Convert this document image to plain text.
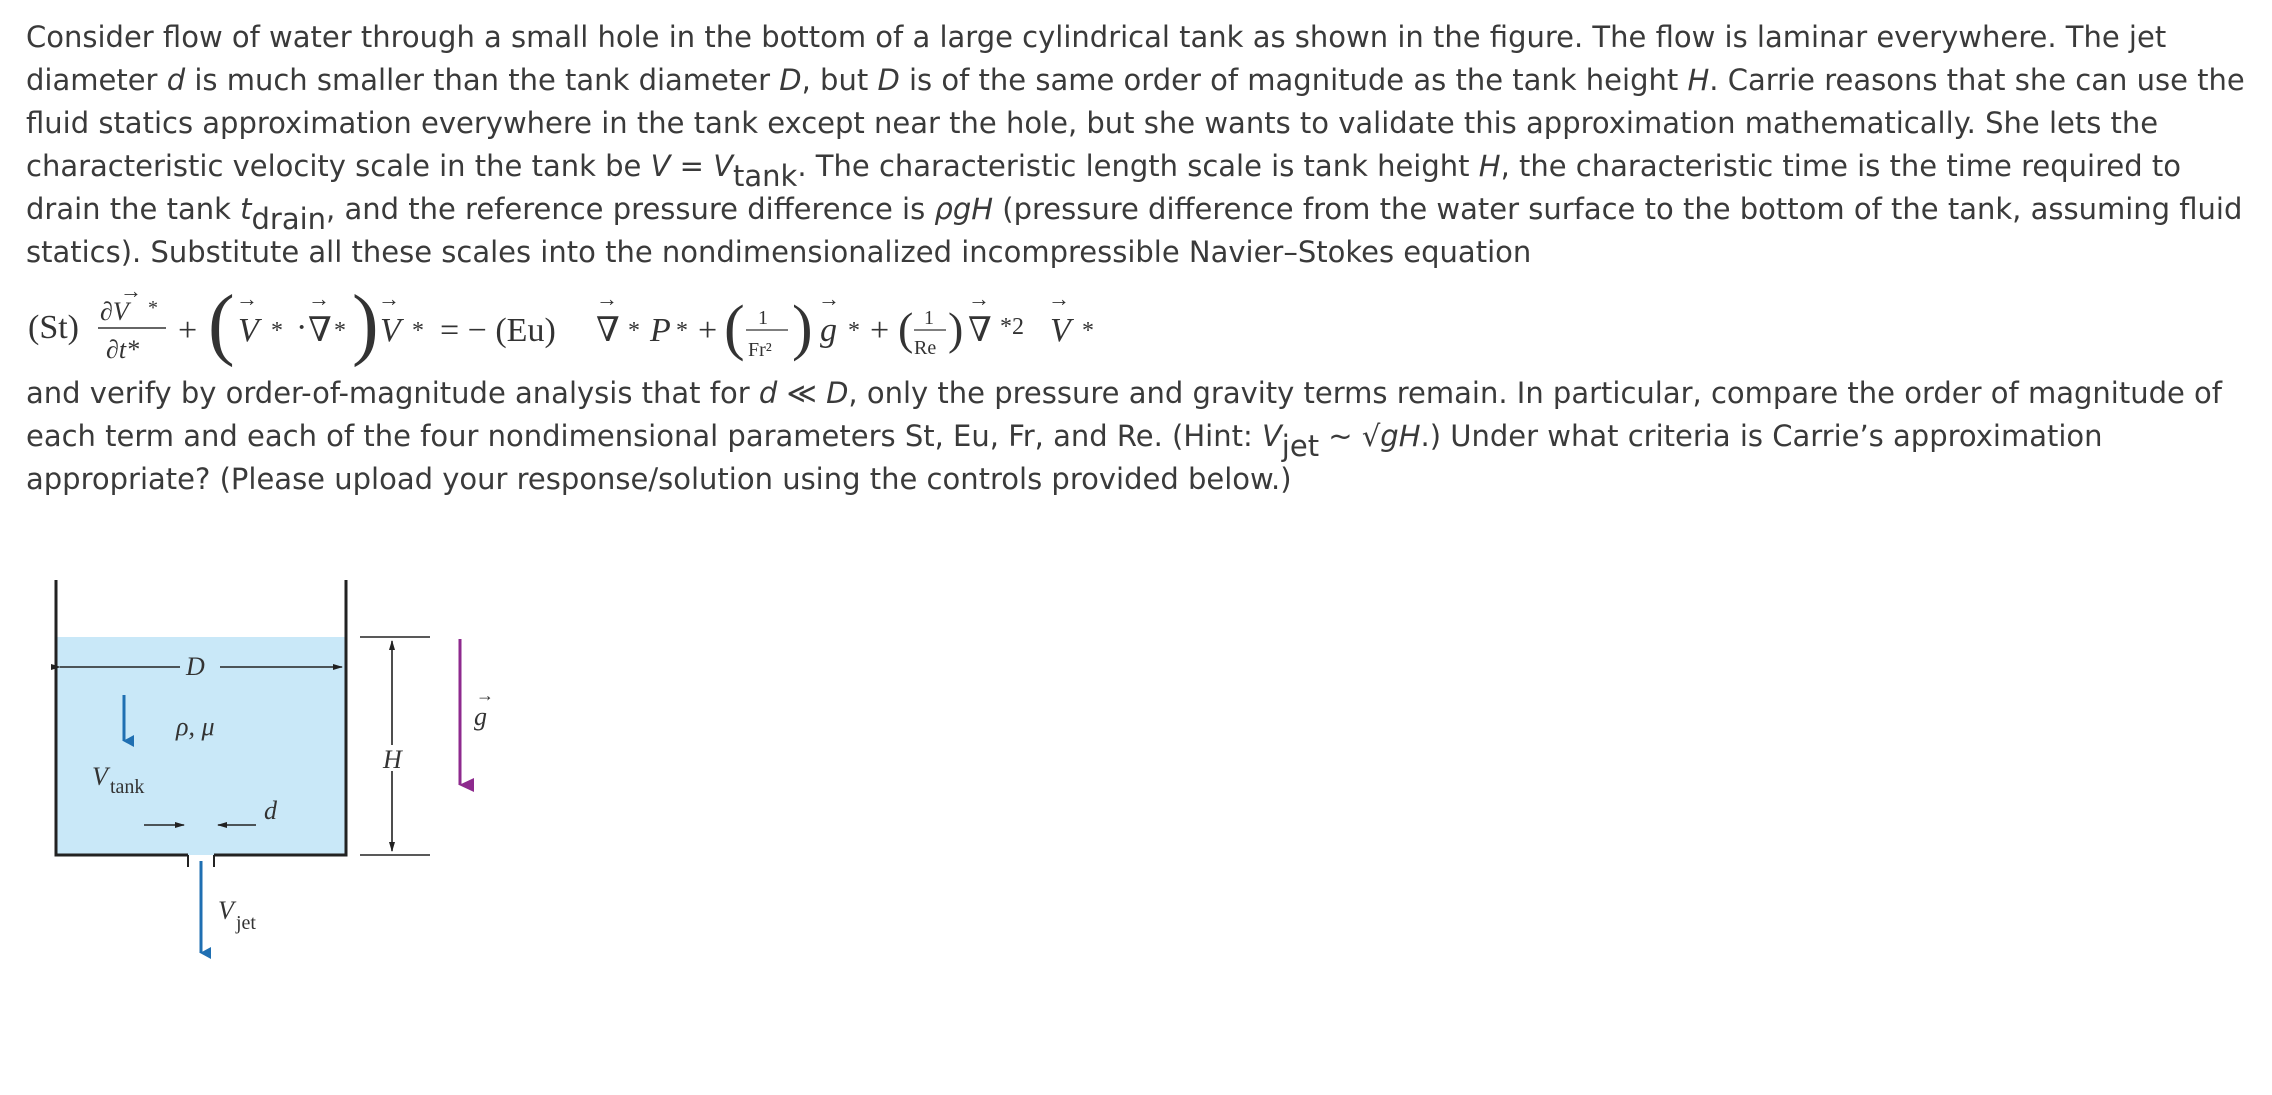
Consider flow of water through a small hole in the bottom of a large cylindrical tank as shown in the figure. The flow is laminar everywhere. The jet diameter d is much smaller than the tank diameter D, but D is of the same order of magnitude as the tank height H. Carrie reasons that she can use the fluid statics approximation everywhere in the tank except near the hole, but she wants to validate this approximation mathematically. She lets the characteristic velocity scale in the tank be $V = V_{tank}$. The characteristic length scale is tank height H, the characteristic time is the time required to drain the tank $t_{drain}$, and the reference pressure difference is ρgH (pressure difference from the water surface to the bottom of the tank, assuming fluid statics). Substitute all these scales into the nondimensionalized incompressible Navier–Stokes equation

(St) ∂V
→
*
∂t*
+ ( V
→
* · ∇
→
* ) V
→
* = − (Eu) ∇
→
* P * + ( 1
Fr² ) g
→
* + ( 1
Re ) ∇
→
*2 V
→
*

and verify by order-of-magnitude analysis that for d ≪ D, only the pressure and gravity terms remain. In particular, compare the order of magnitude of each term and each of the four nondimensional parameters St, Eu, Fr, and Re. (Hint: $V_{jet}$ ~ √gH.) Under what criteria is Carrie’s approximation appropriate? (Please upload your response/solution using the controls provided below.)

D
ρ, μ
V tank
d
H
g
→
V jet
